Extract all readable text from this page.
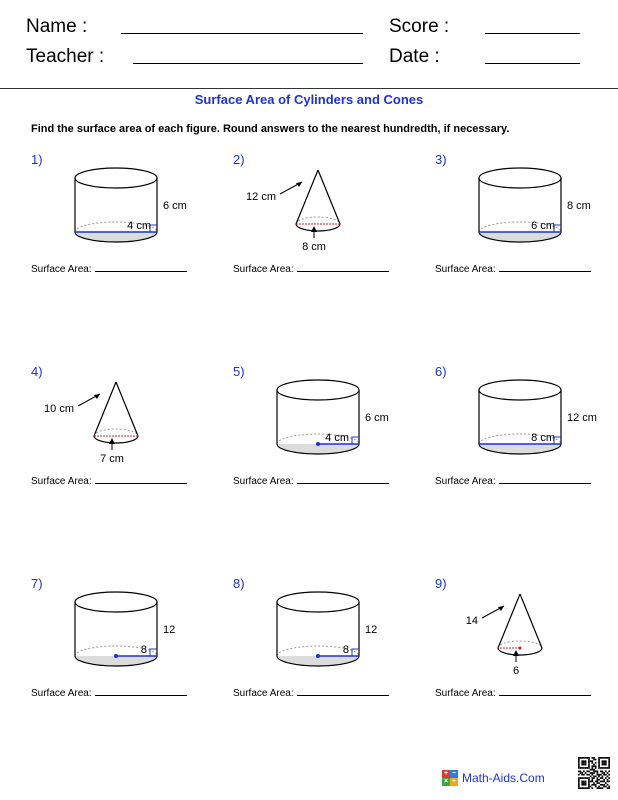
Name :	Score :
Teacher :	Date :
Surface Area of Cylinders and Cones
Find the surface area of each figure. Round answers to the nearest hundredth, if necessary.
1)
4 cm
6 cm
Surface Area:
2)
12 cm
8 cm
Surface Area:
3)
6 cm
8 cm
Surface Area:
4)
10 cm
7 cm
Surface Area:
5)
4 cm
6 cm
Surface Area:
6)
8 cm
12 cm
Surface Area:
7)
8
12
Surface Area:
8)
8
12
Surface Area:
9)
14
6
Surface Area:
+ −
× ÷ Math-Aids.Com
